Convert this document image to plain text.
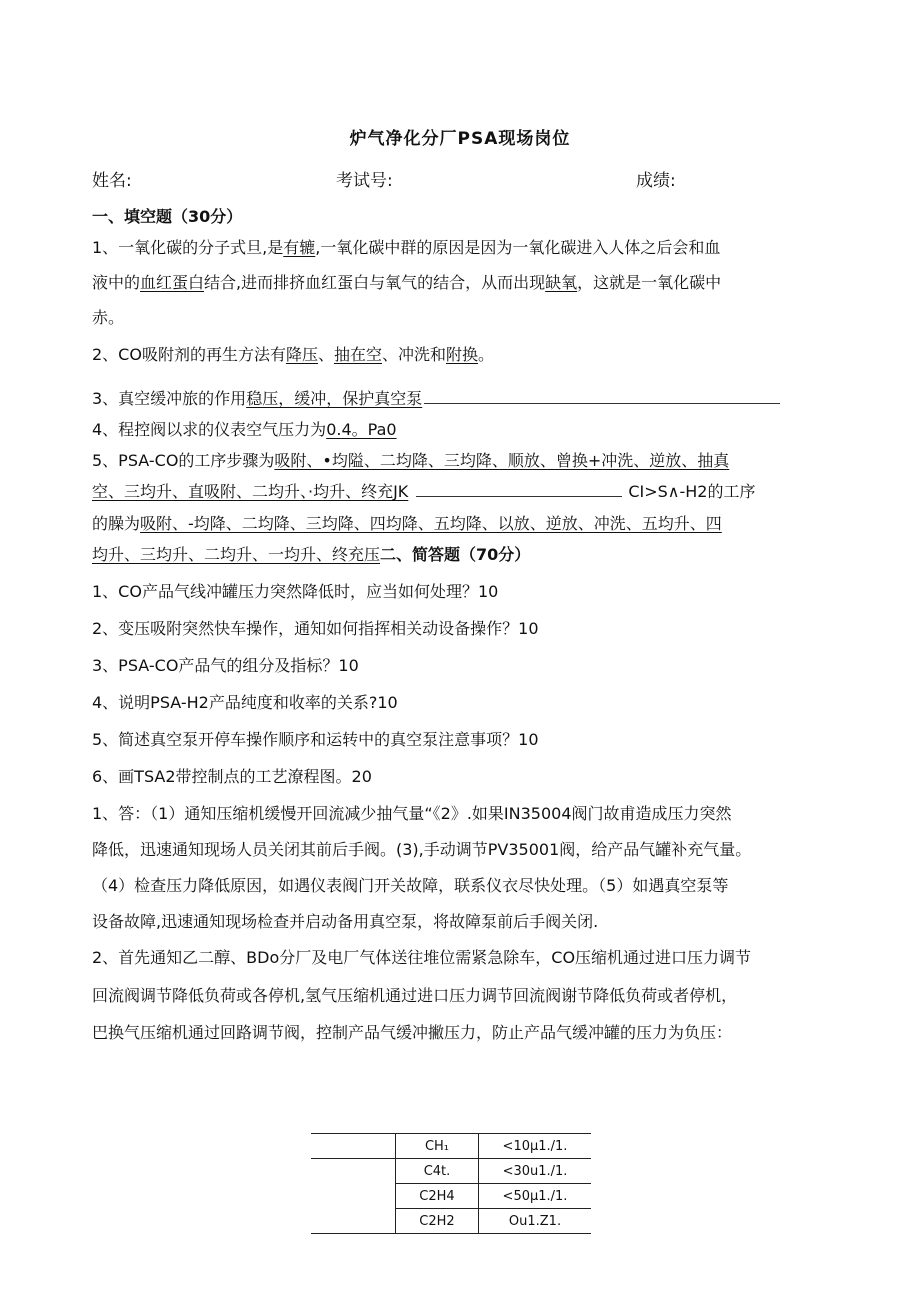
炉气净化分厂PSA现场岗位
姓名:	考试号:	成绩:
一、填空题（30分）
1、一氧化碳的分子式旦,是有辘,一氧化碳中群的原因是因为一氧化碳进入人体之后会和血
液中的血红蛋白结合,进而排挤血红蛋白与氧气的结合，从而出现缺氧，这就是一氧化碳中
赤。
2、CO吸附剂的再生方法有降压、抽在空、冲洗和附换。
3、真空缓冲旅的作用稳压，缓冲，保护真空泵
4、程控阀以求的仪表空气压力为0.4。Pa0
5、PSA-CO的工序步骤为吸附、•均隘、二均降、三均降、顺放、曾换+冲洗、逆放、抽真
空、三均升、直吸附、二均升、·均升、终充JK	CI>S∧-H2的工序
的臊为吸附、-均降、二均降、三均降、四均降、五均降、以放、逆放、冲洗、五均升、四
均升、三均升、二均升、一均升、终充压二、简答题（70分）
1、CO产品气线冲罐压力突然降低时，应当如何处理？10
2、变压吸附突然快车操作，通知如何指挥相关动设备操作？10
3、PSA-CO产品气的组分及指标？10
4、说明PSA-H2产品纯度和收率的关系?10
5、简述真空泵开停车操作顺序和运转中的真空泵注意事项？10
6、画TSA2带控制点的工艺潦程图。20
1、答：（1）通知压缩机缓慢开回流减少抽气量“《2》.如果IN35004阀门故甫造成压力突然
降低，迅速通知现场人员关闭其前后手阀。(3),手动调节PV35001阀，给产品气罐补充气量。
（4）检查压力降低原因，如遇仪表阀门开关故障，联系仪衣尽快处理。（5）如遇真空泵等
设备故障,迅速通知现场检查并启动备用真空泵，将故障泵前后手阀关闭.
2、首先通知乙二醇、BDo分厂及电厂气体送往堆位需紧急除车，CO压缩机通过进口压力调节
回流阀调节降低负荷或各停机,氢气压缩机通过进口压力调节回流阀谢节降低负荷或者停机，
巴换气压缩机通过回路调节阀，控制产品气缓冲撇压力，防止产品气缓冲罐的压力为负压：
	CH₁	<10μ1./1.
	C4t.	<30u1./1.
	C2H4	<50μ1./1.
	C2H2	Ou1.Z1.
